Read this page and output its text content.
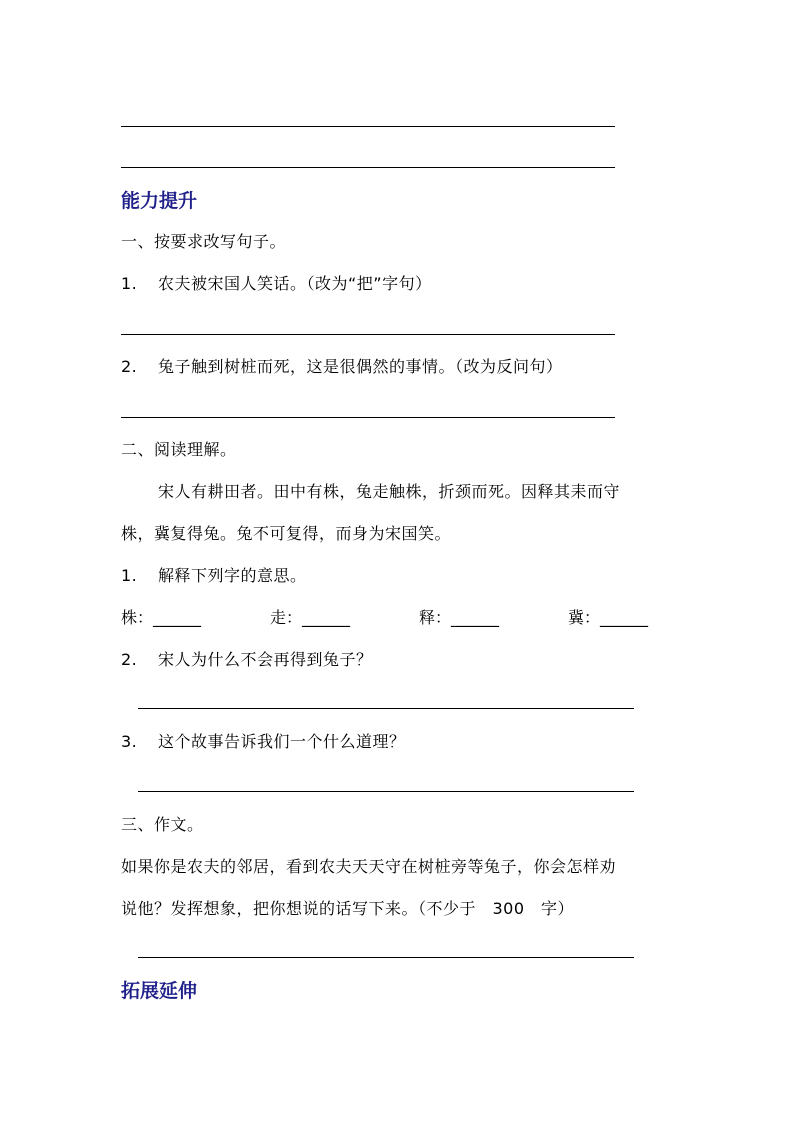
能力提升
一、按要求改写句子。
1. 农夫被宋国人笑话。（改为“把”字句）
2. 兔子触到树桩而死，这是很偶然的事情。（改为反问句）
二、阅读理解。
宋人有耕田者。田中有株，兔走触株，折颈而死。因释其耒而守
株，冀复得兔。兔不可复得，而身为宋国笑。
1. 解释下列字的意思。
株：______	走：______	释：______	冀：______
2. 宋人为什么不会再得到兔子？
3. 这个故事告诉我们一个什么道理？
三、作文。
如果你是农夫的邻居，看到农夫天天守在树桩旁等兔子，你会怎样劝
说他？发挥想象，把你想说的话写下来。（不少于　300　字）
拓展延伸
